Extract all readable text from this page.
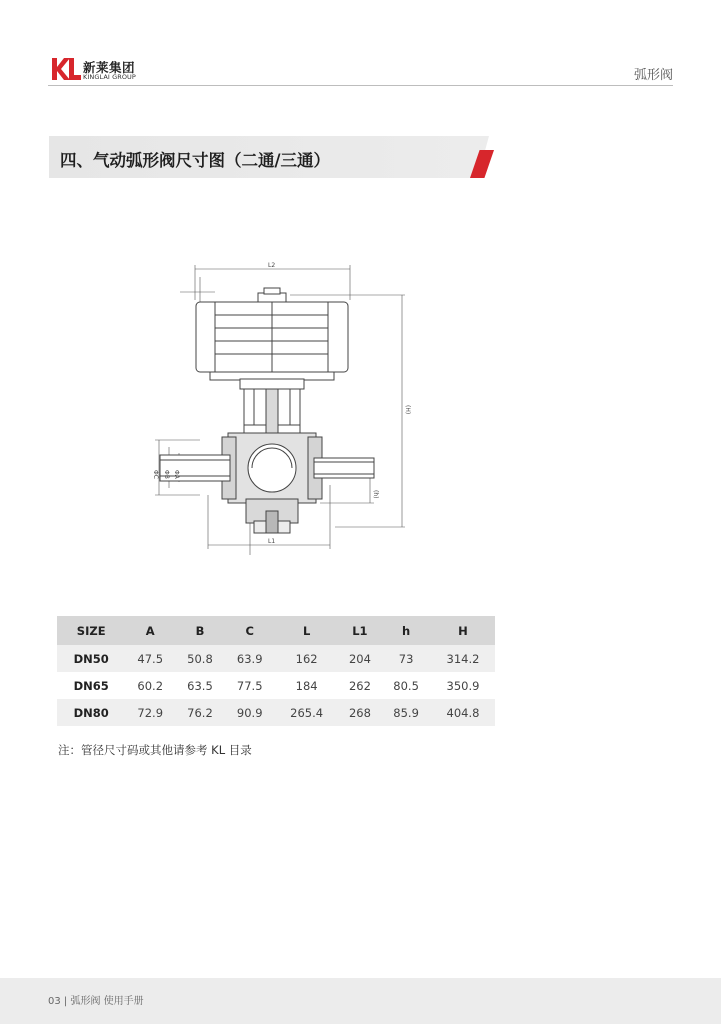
新莱集团
KINGLAI GROUP	弧形阀
四、气动弧形阀尺寸图（二通/三通）
L2
L1
(H)
(h)
ΦC ΦB ΦA
SIZE	A	B	C	L	L1	h	H
DN50	47.5	50.8	63.9	162	204	73	314.2
DN65	60.2	63.5	77.5	184	262	80.5	350.9
DN80	72.9	76.2	90.9	265.4	268	85.9	404.8
注：管径尺寸码或其他请参考 KL 目录
03 | 弧形阀 使用手册
